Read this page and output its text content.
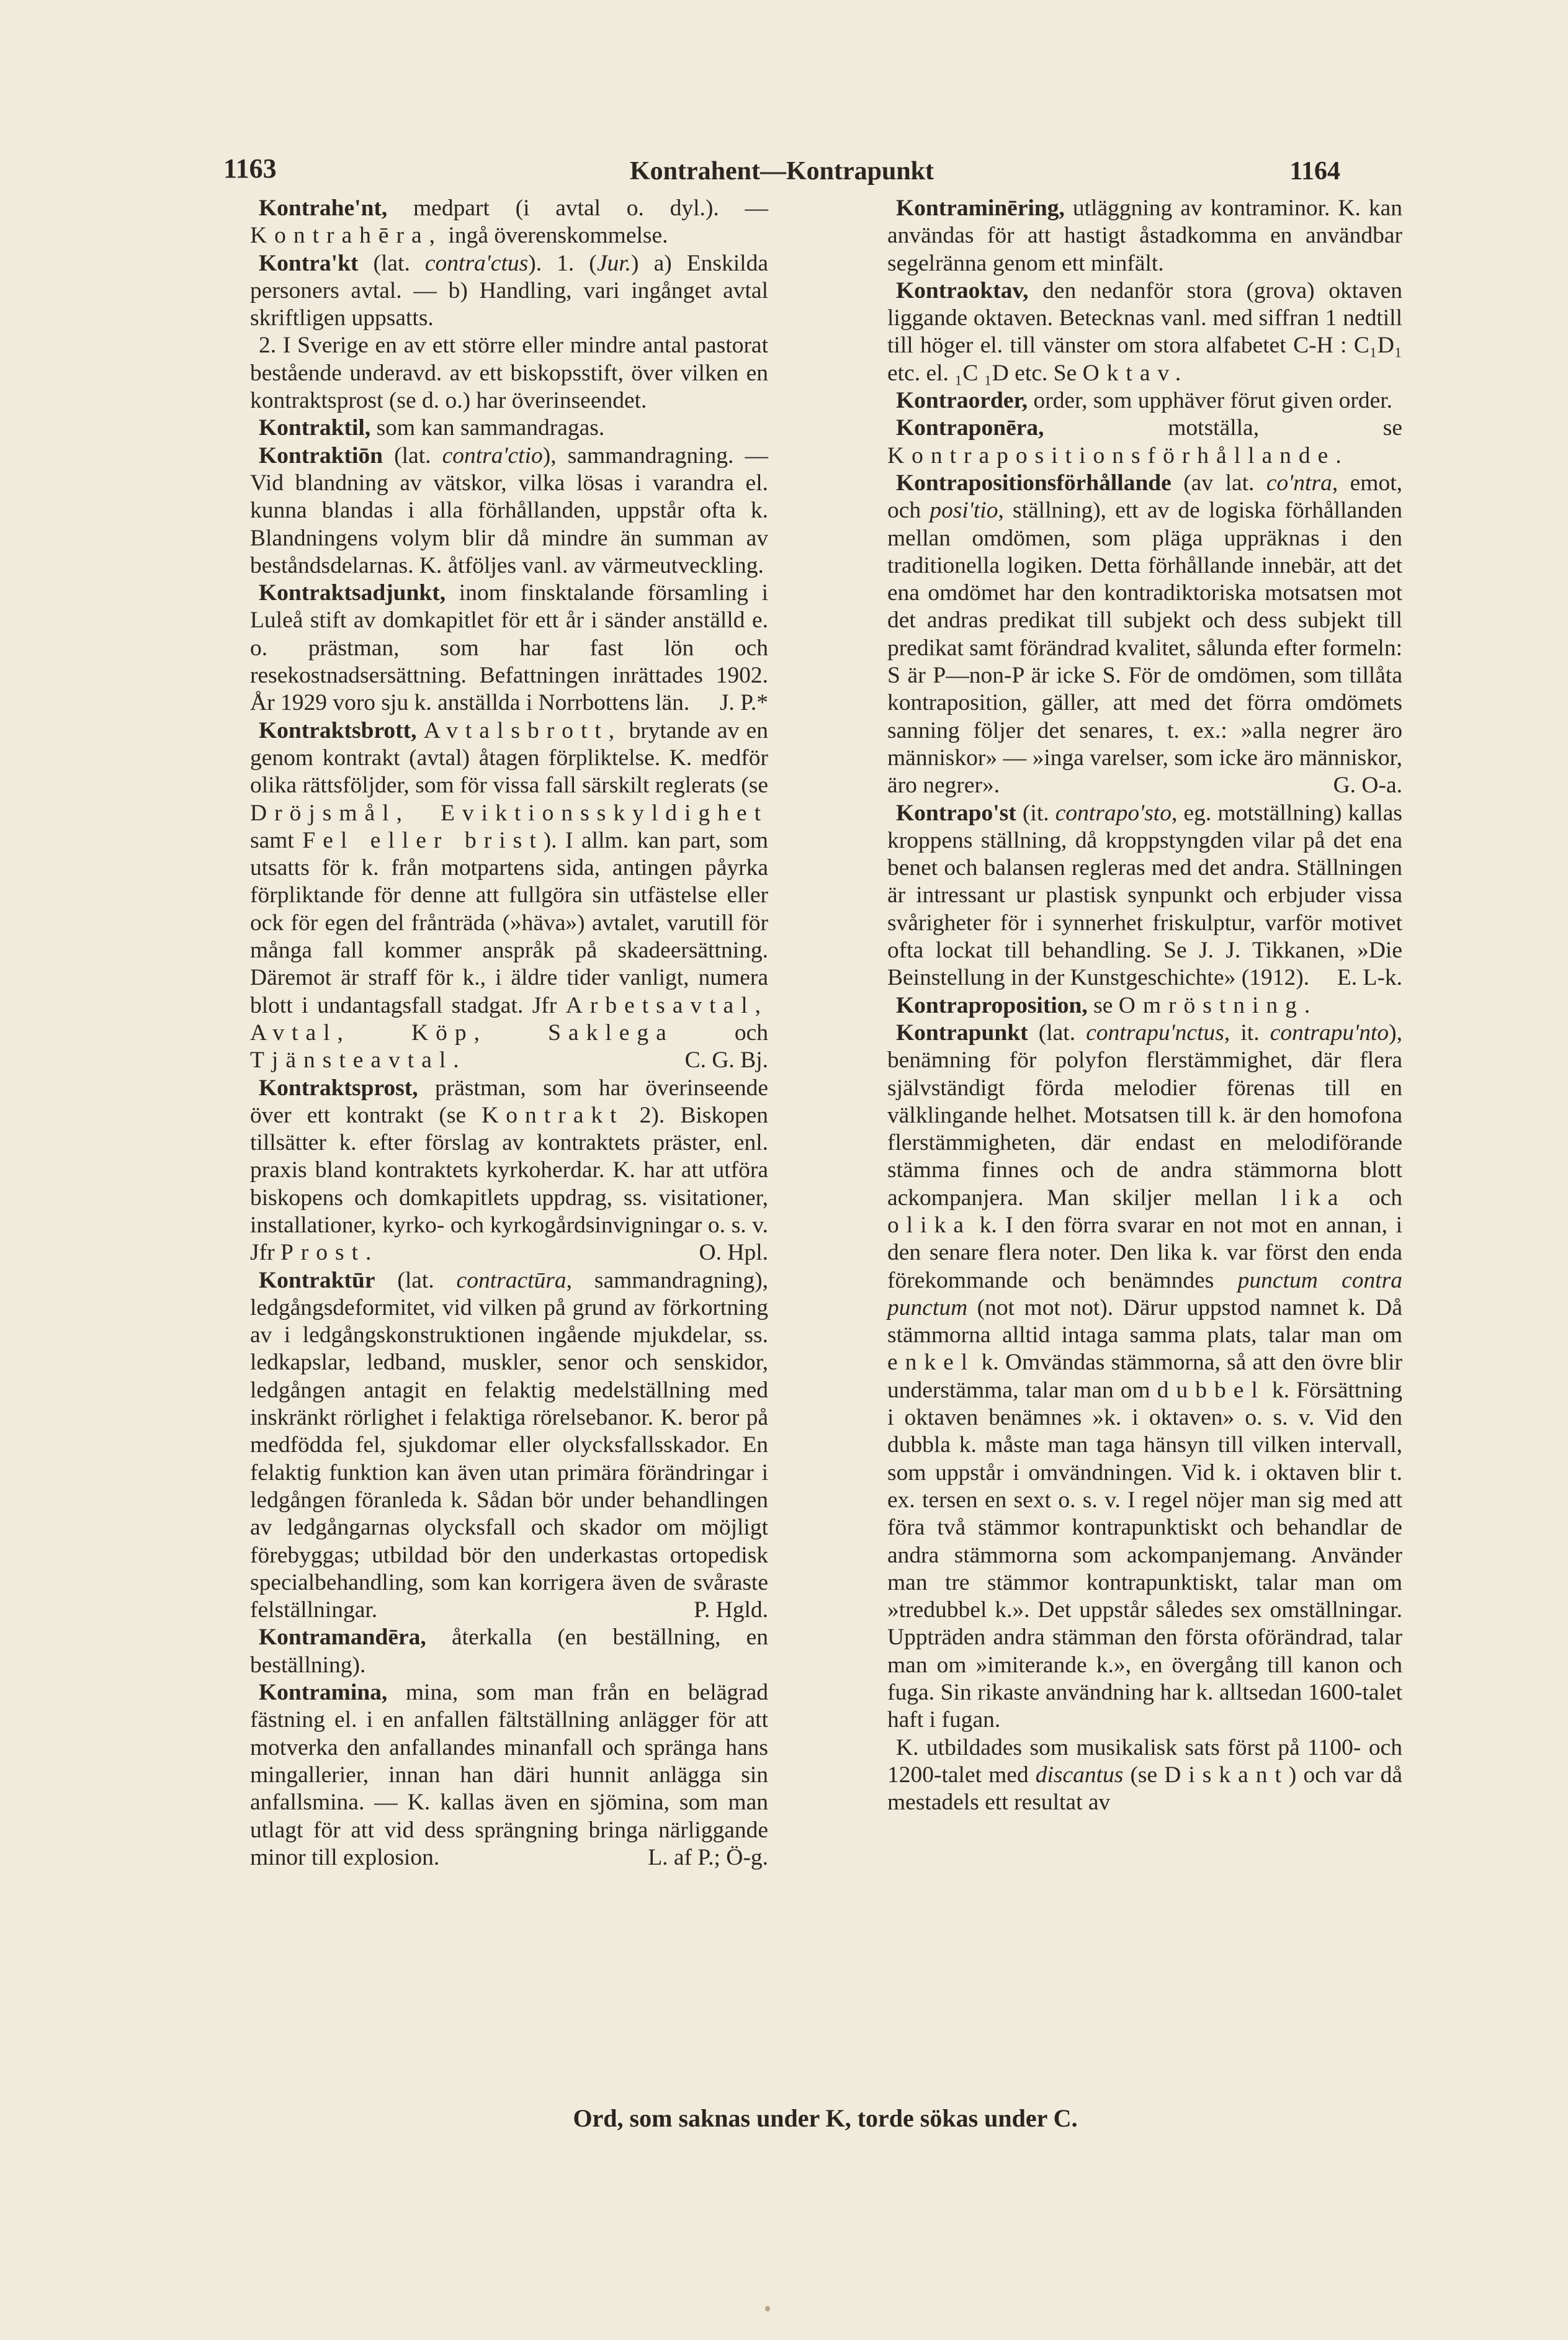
1163	Kontrahent—Kontrapunkt	1164

Kontrahe'nt, medpart (i avtal o. dyl.). — Kontrahēra, ingå överenskommelse.

Kontra'kt (lat. contra'ctus). 1. (Jur.) a) Enskilda personers avtal. — b) Handling, vari ingånget avtal skriftligen uppsatts.

2. I Sverige en av ett större eller mindre antal pastorat bestående underavd. av ett biskopsstift, över vilken en kontraktsprost (se d. o.) har överinseendet.

Kontraktil, som kan sammandragas.

Kontraktiōn (lat. contra'ctio), sammandragning. — Vid blandning av vätskor, vilka lösas i varandra el. kunna blandas i alla förhållanden, uppstår ofta k. Blandningens volym blir då mindre än summan av beståndsdelarnas. K. åtföljes vanl. av värmeutveckling.

Kontraktsadjunkt, inom finsktalande församling i Luleå stift av domkapitlet för ett år i sänder anställd e. o. prästman, som har fast lön och resekostnadsersättning. Befattningen inrättades 1902. År 1929 voro sju k. anställda i Norrbottens län.	J. P.*

Kontraktsbrott, Avtalsbrott, brytande av en genom kontrakt (avtal) åtagen förpliktelse. K. medför olika rättsföljder, som för vissa fall särskilt reglerats (se Dröjsmål, Eviktionsskyldighet samt Fel eller brist). I allm. kan part, som utsatts för k. från motpartens sida, antingen påyrka förpliktande för denne att fullgöra sin utfästelse eller ock för egen del frånträda (»häva») avtalet, varutill för många fall kommer anspråk på skadeersättning. Däremot är straff för k., i äldre tider vanligt, numera blott i undantagsfall stadgat. Jfr Arbetsavtal, Avtal,	Köp,	Saklega och Tjänsteavtal.	C. G. Bj.

Kontraktsprost, prästman, som har överinseende över ett kontrakt (se Kontrakt 2). Biskopen tillsätter k. efter förslag av kontraktets präster, enl. praxis bland kontraktets kyrkoherdar. K. har att utföra biskopens och domkapitlets uppdrag, ss. visitationer, installationer, kyrko- och kyrkogårdsinvigningar o. s. v. Jfr Prost.	O. Hpl.

Kontraktūr (lat. contractūra, sammandragning), ledgångsdeformitet, vid vilken på grund av förkortning av i ledgångskonstruktionen ingående mjukdelar, ss. ledkapslar, ledband, muskler, senor och senskidor, ledgången antagit en felaktig medelställning med inskränkt rörlighet i felaktiga rörelsebanor. K. beror på medfödda fel, sjukdomar eller olycksfallsskador. En felaktig funktion kan även utan primära förändringar i ledgången föranleda k. Sådan bör under behandlingen av ledgångarnas olycksfall och skador om möjligt förebyggas; utbildad bör den underkastas ortopedisk specialbehandling, som kan korrigera även de svåraste felställningar.	P. Hgld.

Kontramandēra, återkalla (en beställning, en beställning).

Kontramina, mina, som man från en belägrad fästning el. i en anfallen fältställning anlägger för att motverka den anfallandes minanfall och spränga hans mingallerier, innan han däri hunnit anlägga sin anfallsmina. — K. kallas även en sjömina, som man utlagt för att vid dess sprängning bringa närliggande minor till explosion.	L. af P.; Ö-g.

Kontraminēring, utläggning av kontraminor. K. kan användas för att hastigt åstadkomma en användbar segelränna genom ett minfält.

Kontraoktav, den nedanför stora (grova) oktaven liggande oktaven. Betecknas vanl. med siffran 1 nedtill till höger el. till vänster om stora alfabetet C-H : C₁D₁ etc. el. ₁C ₁D etc. Se Oktav.

Kontraorder, order, som upphäver förut given order.

Kontraponēra, motställa, se Kontrapositionsförhållande.

Kontrapositionsförhållande (av lat. co'ntra, emot, och posi'tio, ställning), ett av de logiska förhållanden mellan omdömen, som pläga uppräknas i den traditionella logiken. Detta förhållande innebär, att det ena omdömet har den kontradiktoriska motsatsen mot det andras predikat till subjekt och dess subjekt till predikat samt förändrad kvalitet, sålunda efter formeln: S är P—non-P är icke S. För de omdömen, som tillåta kontraposition, gäller, att med det förra omdömets sanning följer det senares, t. ex.: »alla negrer äro människor» — »inga varelser, som icke äro människor, äro negrer».	G. O-a.

Kontrapo'st (it. contrapo'sto, eg. motställning) kallas kroppens ställning, då kroppstyngden vilar på det ena benet och balansen regleras med det andra. Ställningen är intressant ur plastisk synpunkt och erbjuder vissa svårigheter för i synnerhet friskulptur, varför motivet ofta lockat till behandling. Se J. J. Tikkanen, »Die Beinstellung in der Kunstgeschichte» (1912).	E. L-k.

Kontraproposition, se Omröstning.

Kontrapunkt (lat. contrapu'nctus, it. contrapu'nto), benämning för polyfon flerstämmighet, där flera självständigt förda melodier förenas till en välklingande helhet. Motsatsen till k. är den homofona flerstämmigheten, där endast en melodiförande stämma finnes och de andra stämmorna blott ackompanjera. Man skiljer mellan lika och olika k. I den förra svarar en not mot en annan, i den senare flera noter. Den lika k. var först den enda förekommande och benämndes punctum contra punctum (not mot not). Därur uppstod namnet k. Då stämmorna alltid intaga samma plats, talar man om enkel k. Omvändas stämmorna, så att den övre blir understämma, talar man om dubbel k. Försättning i oktaven benämnes »k. i oktaven» o. s. v. Vid den dubbla k. måste man taga hänsyn till vilken intervall, som uppstår i omvändningen. Vid k. i oktaven blir t. ex. tersen en sext o. s. v. I regel nöjer man sig med att föra två stämmor kontrapunktiskt och behandlar de andra stämmorna som ackompanjemang. Använder man tre stämmor kontrapunktiskt, talar man om »tredubbel k.». Det uppstår således sex omställningar. Uppträden andra stämman den första oförändrad, talar man om »imiterande k.», en övergång till kanon och fuga. Sin rikaste användning har k. alltsedan 1600-talet haft i fugan.

K. utbildades som musikalisk sats först på 1100- och 1200-talet med discantus (se Diskant) och var då mestadels ett resultat av

Ord, som saknas under K, torde sökas under C.
